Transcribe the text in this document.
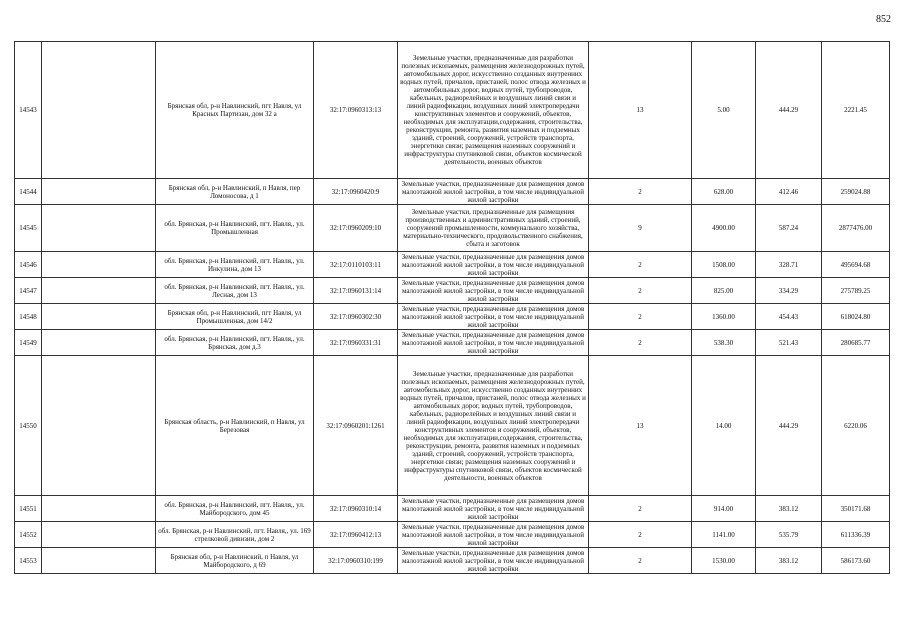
852
14543		Брянская обл, р-н Навлинский, пгт Навля, ул Красных Партизан, дом 32 а	32:17:0960313:13	Земельные участки, предназначенные для разработки полезных ископаемых, размещения железнодорожных путей, автомобильных дорог, искусственно созданных внутренних водных путей, причалов, пристаней, полос отвода железных и автомобильных дорог, водных путей, трубопроводов, кабельных, радиорелейных и воздушных линий связи и линий радиофикации, воздушных линий электропередачи конструктивных элементов и сооружений, объектов, необходимых для эксплуатации,содержания, строительства, реконструкции, ремонта, развития наземных и подземных зданий, строений, сооружений, устройств транспорта, энергетики связи; размещения наземных сооружений и инфраструктуры спутниковой связи, объектов космической деятельности, военных объектов	13	5.00	444.29	2221.45
14544		Брянская обл, р-н Навлинский, п Навля, пер Ломоносова, д 1	32:17:0960420:9	Земельные участки, предназначенные для размещения домов малоэтажной жилой застройки, в том числе индивидуальной жилой застройки	2	628.00	412.46	259024.88
14545		обл. Брянская, р-н Навлинский, пгт. Навля,, ул. Промышленная	32:17:0960209:10	Земельные участки, предназначенные для размещения производственных и административных зданий, строений, сооружений промышленности, коммунального хозяйства, материально-технического, продовольственного снабжения, сбыта и заготовок	9	4900.00	587.24	2877476.00
14546		обл. Брянская, р-н Навлинский, пгт. Навля,, ул. Инкулина, дом 13	32:17:0110103:11	Земельные участки, предназначенные для размещения домов малоэтажной жилой застройки, в том числе индивидуальной жилой застройки	2	1508.00	328.71	495694.68
14547		обл. Брянская, р-н Навлинский, пгт. Навля,, ул. Лесная, дом 13	32:17:0960131:14	Земельные участки, предназначенные для размещения домов малоэтажной жилой застройки, в том числе индивидуальной жилой застройки	2	825.00	334.29	275789.25
14548		Брянская обл, р-н Навлинский, пгт Навля, ул Промышленная, дом 14/2	32:17:0960302:30	Земельные участки, предназначенные для размещения домов малоэтажной жилой застройки, в том числе индивидуальной жилой застройки	2	1360.00	454.43	618024.80
14549		обл. Брянская, р-н Навлинский, пгт. Навля,, ул. Брянская, дом д.3	32:17:0960331:31	Земельные участки, предназначенные для размещения домов малоэтажной жилой застройки, в том числе индивидуальной жилой застройки	2	538.30	521.43	280685.77
14550		Брянская область, р-н Навлинский, п Навля, ул Березовая	32:17:0960201:1261	Земельные участки, предназначенные для разработки полезных ископаемых, размещения железнодорожных путей, автомобильных дорог, искусственно созданных внутренних водных путей, причалов, пристаней, полос отвода железных и автомобильных дорог, водных путей, трубопроводов, кабельных, радиорелейных и воздушных линий связи и линий радиофикации, воздушных линий электропередачи конструктивных элементов и сооружений, объектов, необходимых для эксплуатации,содержания, строительства, реконструкции, ремонта, развития наземных и подземных зданий, строений, сооружений, устройств транспорта, энергетики связи; размещения наземных сооружений и инфраструктуры спутниковой связи, объектов космической деятельности, военных объектов	13	14.00	444.29	6220.06
14551		обл. Брянская, р-н Навлинский, пгт. Навля,, ул. Майбородского, дом 45	32:17:0960310:14	Земельные участки, предназначенные для размещения домов малоэтажной жилой застройки, в том числе индивидуальной жилой застройки	2	914.00	383.12	350171.68
14552		обл. Брянская, р-н Навлинский, пгт. Навля,, ул. 169 стрелковой дивизии, дом 2	32:17:0960412:13	Земельные участки, предназначенные для размещения домов малоэтажной жилой застройки, в том числе индивидуальной жилой застройки	2	1141.00	535.79	611336.39
14553		Брянская обл, р-н Навлинский, п Навля, ул Майбородского, д 69	32:17:0960310:199	Земельные участки, предназначенные для размещения домов малоэтажной жилой застройки, в том числе индивидуальной жилой застройки	2	1530.00	383.12	586173.60
